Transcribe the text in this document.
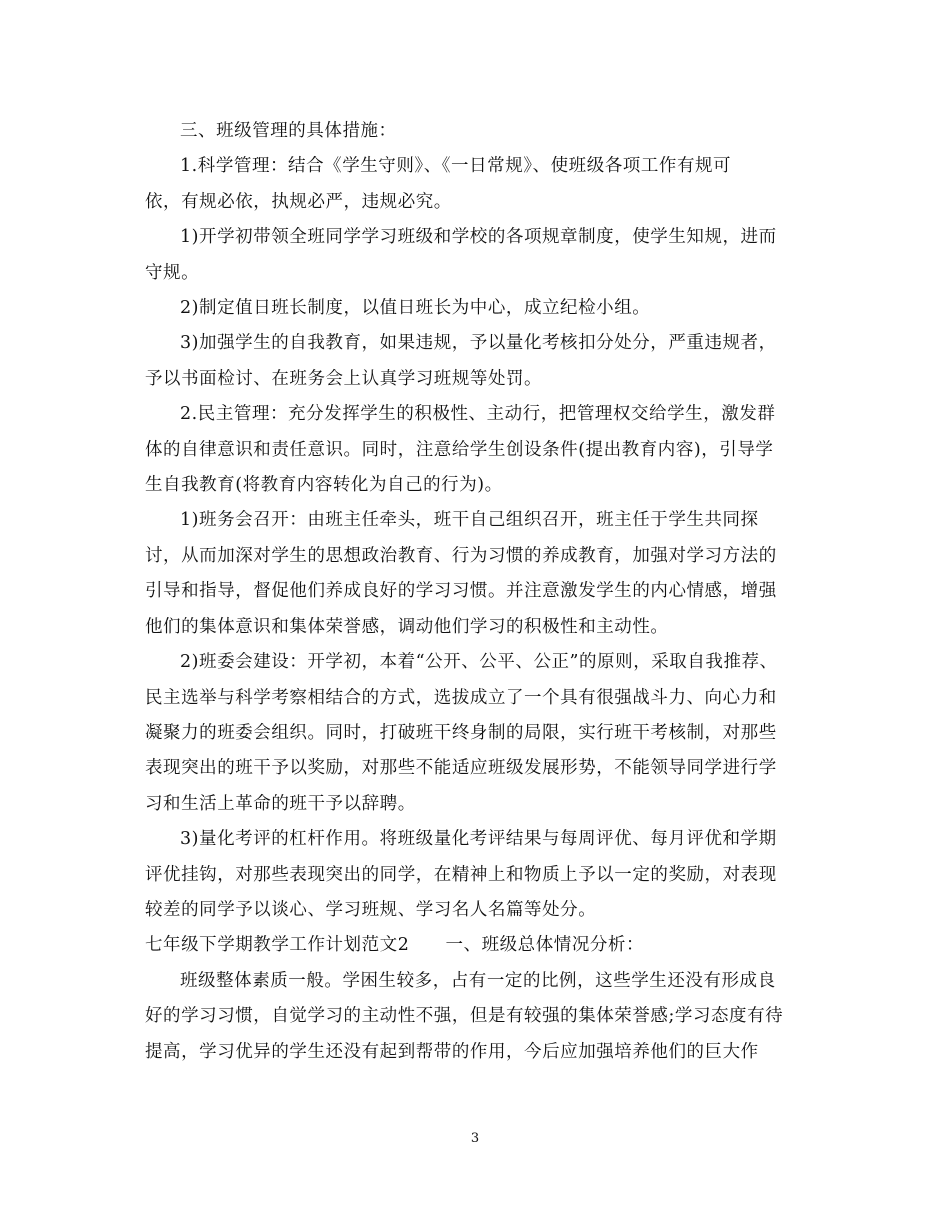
三、班级管理的具体措施：

1.科学管理：结合《学生守则》、《一日常规》、使班级各项工作有规可
依，有规必依，执规必严，违规必究。

1)开学初带领全班同学学习班级和学校的各项规章制度，使学生知规，进而
守规。

2)制定值日班长制度，以值日班长为中心，成立纪检小组。

3)加强学生的自我教育，如果违规，予以量化考核扣分处分，严重违规者，
予以书面检讨、在班务会上认真学习班规等处罚。

2.民主管理：充分发挥学生的积极性、主动行，把管理权交给学生，激发群
体的自律意识和责任意识。同时，注意给学生创设条件(提出教育内容)，引导学
生自我教育(将教育内容转化为自己的行为)。

1)班务会召开：由班主任牵头，班干自己组织召开，班主任于学生共同探
讨，从而加深对学生的思想政治教育、行为习惯的养成教育，加强对学习方法的
引导和指导，督促他们养成良好的学习习惯。并注意激发学生的内心情感，增强
他们的集体意识和集体荣誉感，调动他们学习的积极性和主动性。

2)班委会建设：开学初，本着“公开、公平、公正”的原则，采取自我推荐、
民主选举与科学考察相结合的方式，选拔成立了一个具有很强战斗力、向心力和
凝聚力的班委会组织。同时，打破班干终身制的局限，实行班干考核制，对那些
表现突出的班干予以奖励，对那些不能适应班级发展形势，不能领导同学进行学
习和生活上革命的班干予以辞聘。

3)量化考评的杠杆作用。将班级量化考评结果与每周评优、每月评优和学期
评优挂钩，对那些表现突出的同学，在精神上和物质上予以一定的奖励，对表现
较差的同学予以谈心、学习班规、学习名人名篇等处分。

七年级下学期教学工作计划范文2　　一、班级总体情况分析：

班级整体素质一般。学困生较多，占有一定的比例，这些学生还没有形成良
好的学习习惯，自觉学习的主动性不强，但是有较强的集体荣誉感;学习态度有待
提高，学习优异的学生还没有起到帮带的作用，今后应加强培养他们的巨大作

3
